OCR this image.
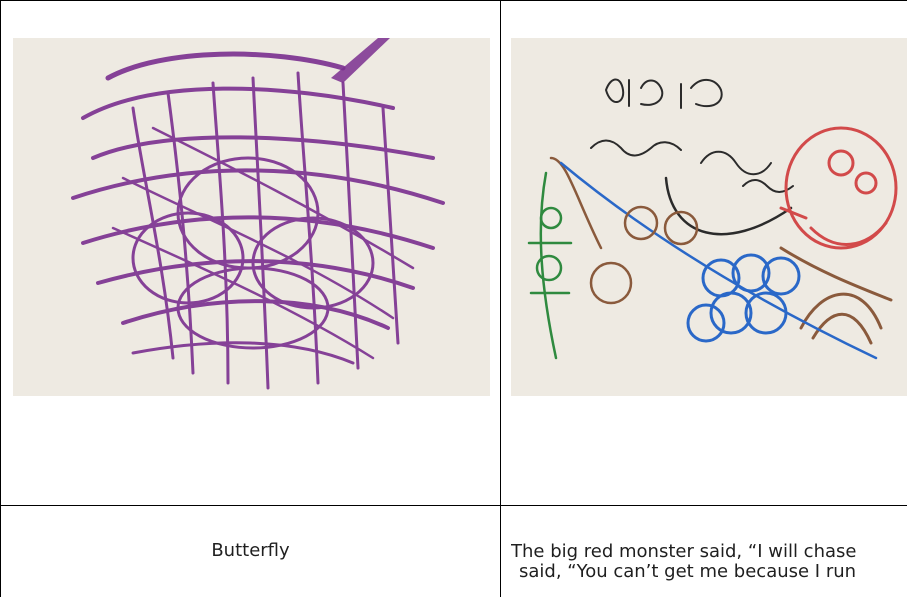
Butterfly	The big red monster said, “I will chase
said, “You can’t get me because I run
